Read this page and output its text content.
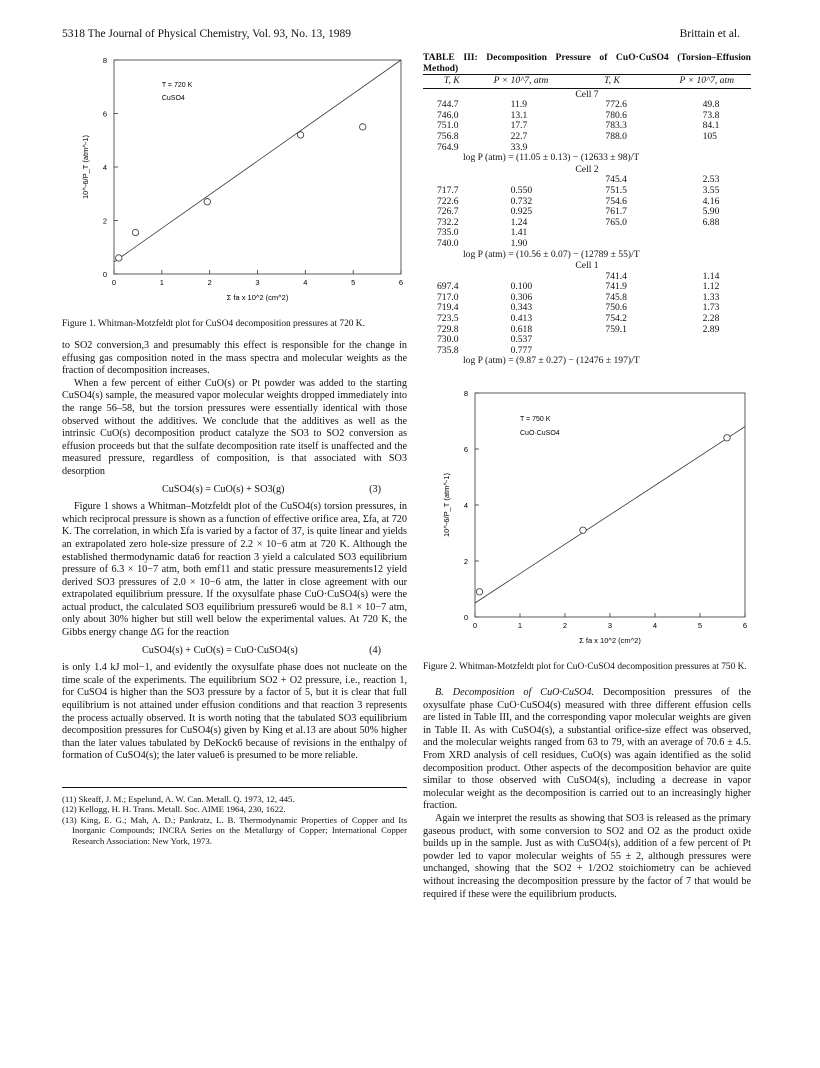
5318 The Journal of Physical Chemistry, Vol. 93, No. 13, 1989	Brittain et al.
0	1	2	3	4	5	6
0
2
4
6
8
T = 720 K
CuSO4
Σ fa x 10^2 (cm^2)
10^-6/P_T (atm^-1)

Figure 1. Whitman-Motzfeldt plot for CuSO4 decomposition pressures at 720 K.

to SO2 conversion,3 and presumably this effect is responsible for the change in effusing gas composition noted in the mass spectra and molecular weights as the fraction of decomposition increases.

When a few percent of either CuO(s) or Pt powder was added to the starting CuSO4(s) sample, the measured vapor molecular weights dropped immediately into the range 56–58, but the torsion pressures were essentially identical with those observed without the additives. We conclude that the additives as well as the intrinsic CuO(s) decomposition product catalyze the SO3 to SO2 conversion as effusion proceeds but that the sulfate decomposition rate itself is unaffected and the measured pressure, regardless of composition, is that associated with SO3 desorption

CuSO4(s) = CuO(s) + SO3(g)	(3)

Figure 1 shows a Whitman–Motzfeldt plot of the CuSO4(s) torsion pressures, in which reciprocal pressure is shown as a function of effective orifice area, Σfa, at 720 K. The correlation, in which Σfa is varied by a factor of 37, is quite linear and yields an extrapolated zero hole-size pressure of 2.2 × 10−6 atm at 720 K. Although the established thermodynamic data6 for reaction 3 yield a calculated SO3 equilibrium pressure of 6.3 × 10−7 atm, both emf11 and static pressure measurements12 yield derived SO3 pressures of 2.0 × 10−6 atm, the latter in close agreement with our extrapolated equilibrium pressure. If the oxysulfate phase CuO·CuSO4(s) were the actual product, the calculated SO3 equilibrium pressure6 would be 8.1 × 10−7 atm, only about 30% higher but still well below the experimental values. At 720 K, the Gibbs energy change ΔG for the reaction

CuSO4(s) + CuO(s) = CuO·CuSO4(s)	(4)

is only 1.4 kJ mol−1, and evidently the oxysulfate phase does not nucleate on the time scale of the experiments. The equilibrium SO2 + O2 pressure, i.e., reaction 1, for CuSO4 is higher than the SO3 pressure by a factor of 5, but it is clear that full equilibrium is not attained under effusion conditions and that reaction 3 represents the process actually observed. It is worth noting that the tabulated SO3 equilibrium decomposition pressures for CuSO4(s) given by King et al.13 are about 50% higher than the later values tabulated by DeKock6 because of revisions in the enthalpy of formation of CuSO4(s); the later value6 is presumed to be more reliable.

(11) Skeaff, J. M.; Espelund, A. W. Can. Metall. Q. 1973, 12, 445.
(12) Kellogg, H. H. Trans. Metall. Soc. AIME 1964, 230, 1622.
(13) King, E. G.; Mah, A. D.; Pankratz, L. B. Thermodynamic Properties of Copper and Its Inorganic Compounds; INCRA Series on the Metallurgy of Copper; International Copper Research Association: New York, 1973.
TABLE III: Decomposition Pressure of CuO·CuSO4 (Torsion–Effusion Method)
T, K	P × 10^7, atm	T, K	P × 10^7, atm
Cell 7			
744.7	11.9	772.6	49.8
746.0	13.1	780.6	73.8
751.0	17.7	783.3	84.1
756.8	22.7	788.0	105
764.9	33.9		
log P (atm) = (11.05 ± 0.13) − (12633 ± 98)/T			
Cell 2			
		745.4	2.53
717.7	0.550	751.5	3.55
722.6	0.732	754.6	4.16
726.7	0.925	761.7	5.90
732.2	1.24	765.0	6.88
735.0	1.41		
740.0	1.90		
log P (atm) = (10.56 ± 0.07) − (12789 ± 55)/T			
Cell 1			
		741.4	1.14
697.4	0.100	741.9	1.12
717.0	0.306	745.8	1.33
719.4	0.343	750.6	1.73
723.5	0.413	754.2	2.28
729.8	0.618	759.1	2.89
730.0	0.537		
735.8	0.777		
log P (atm) = (9.87 ± 0.27) − (12476 ± 197)/T			
0	1	2	3	4	5	6
0
2
4
6
8
T = 750 K
CuO·CuSO4
Σ fa x 10^2 (cm^2)
10^-6/P_T (atm^-1)

Figure 2. Whitman-Motzfeldt plot for CuO·CuSO4 decomposition pressures at 750 K.

B. Decomposition of CuO·CuSO4. Decomposition pressures of the oxysulfate phase CuO·CuSO4(s) measured with three different effusion cells are listed in Table III, and the corresponding vapor molecular weights are given in Table II. As with CuSO4(s), a substantial orifice-size effect was observed, and the molecular weights ranged from 63 to 79, with an average of 70.6 ± 4.5. From XRD analysis of cell residues, CuO(s) was again identified as the solid decomposition product. Other aspects of the decomposition behavior are quite similar to those observed with CuSO4(s), including a decrease in vapor molecular weight as the decomposition is carried out to an increasingly higher fraction.

Again we interpret the results as showing that SO3 is released as the primary gaseous product, with some conversion to SO2 and O2 as the product oxide builds up in the sample. Just as with CuSO4(s), addition of a few percent of Pt powder led to vapor molecular weights of 55 ± 2, although pressures were unchanged, showing that the SO2 + 1/2O2 stoichiometry can be achieved without increasing the decomposition pressure by the factor of 7 that would be required if these were the equilibrium products.
